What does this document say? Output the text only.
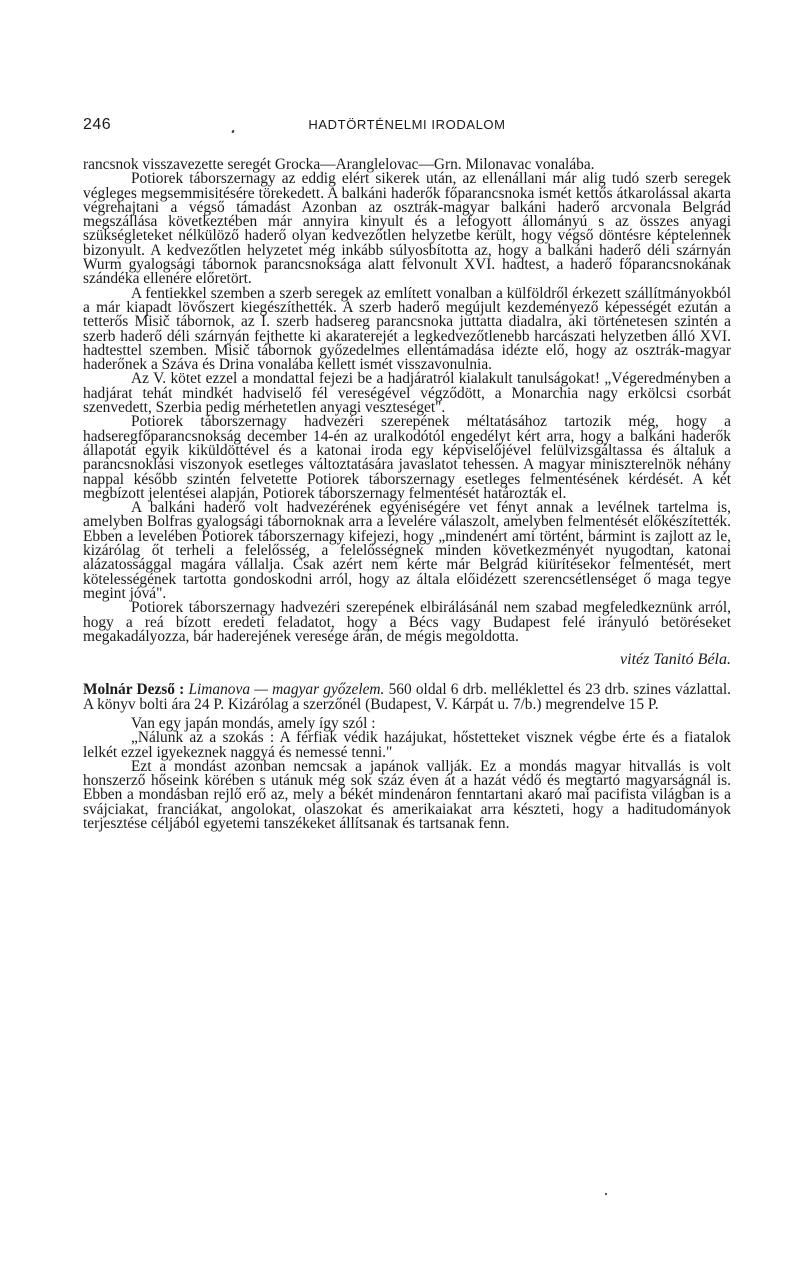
246	HADTÖRTÉNELMI IRODALOM

rancsnok visszavezette seregét Grocka—Aranglelovac—Grn. Milonavac vonalába.

Potiorek táborszernagy az eddig elért sikerek után, az ellenállani már alig tudó szerb seregek végleges megsemmisitésére törekedett. A balkáni haderők főparancsnoka ismét kettős átkarolással akarta végrehajtani a végső támadást Azonban az osztrák-magyar balkáni haderő arcvonala Belgrád megszállása következtében már annyira kinyult és a lefogyott állományú s az összes anyagi szükségleteket nélkülöző haderő olyan kedvezőtlen helyzetbe került, hogy végső döntésre képtelennek bizonyult. A kedvezőtlen helyzetet még inkább súlyosbította az, hogy a balkáni haderő déli szárnyán Wurm gyalogsági tábornok parancsnoksága alatt felvonult XVI. hadtest, a haderő főparancsnokának szándéka ellenére előretört.

A fentiekkel szemben a szerb seregek az említett vonalban a külföldről érkezett szállítmányokból a már kiapadt lövőszert kiegészíthették. A szerb haderő megújult kezdeményező képességét ezután a tetterős Misič tábornok, az I. szerb hadsereg parancsnoka juttatta diadalra, aki történetesen szintén a szerb haderő déli szárnyán fejthette ki akaraterejét a legkedvezőtlenebb harcászati helyzetben álló XVI. hadtesttel szemben. Misič tábornok győzedelmes ellentámadása idézte elő, hogy az osztrák-magyar haderőnek a Száva és Drina vonalába kellett ismét visszavonulnia.

Az V. kötet ezzel a mondattal fejezi be a hadjáratról kialakult tanulságokat! „Végeredményben a hadjárat tehát mindkét hadviselő fél vereségével végződött, a Monarchia nagy erkölcsi csorbát szenvedett, Szerbia pedig mérhetetlen anyagi veszteséget".

Potiorek táborszernagy hadvezéri szerepének méltatásához tartozik még, hogy a hadseregfőparancsnokság december 14-én az uralkodótól engedélyt kért arra, hogy a balkáni haderők állapotát egyik kiküldöttével és a katonai iroda egy képviselőjével felülvizsgáltassa és általuk a parancsnoklási viszonyok esetleges változtatására javaslatot tehessen. A magyar miniszterelnök néhány nappal később szintén felvetette Potiorek táborszernagy esetleges felmentésének kérdését. A két megbízott jelentései alapján, Potiorek táborszernagy felmentését határozták el.

A balkáni haderő volt hadvezérének egyéniségére vet fényt annak a levélnek tartelma is, amelyben Bolfras gyalogsági tábornoknak arra a levelére válaszolt, amelyben felmentését előkészítették. Ebben a levelében Potiorek táborszernagy kifejezi, hogy „mindenért ami történt, bármint is zajlott az le, kizárólag őt terheli a felelősség, a felelősségnek minden következményét nyugodtan, katonai alázatossággal magára vállalja. Csak azért nem kérte már Belgrád kiürítésekor felmentését, mert kötelességének tartotta gondoskodni arról, hogy az általa előidézett szerencsétlenséget ő maga tegye megint jóvá".

Potiorek táborszernagy hadvezéri szerepének elbirálásánál nem szabad megfeledkeznünk arról, hogy a reá bízott eredeti feladatot, hogy a Bécs vagy Budapest felé irányuló betöréseket megakadályozza, bár haderejének veresége árán, de mégis megoldotta.

vitéz Tanitó Béla.

Molnár Dezső : Limanova — magyar győzelem. 560 oldal 6 drb. melléklettel és 23 drb. szines vázlattal. A könyv bolti ára 24 P. Kizárólag a szerzőnél (Budapest, V. Kárpát u. 7/b.) megrendelve 15 P.

Van egy japán mondás, amely így szól :

„Nálunk az a szokás : A férfiak védik hazájukat, hőstetteket visznek végbe érte és a fiatalok lelkét ezzel igyekeznek naggyá és nemessé tenni."

Ezt a mondást azonban nemcsak a japánok vallják. Ez a mondás magyar hitvallás is volt honszerző hőseink körében s utánuk még sok száz éven át a hazát védő és megtartó magyarságnál is. Ebben a mondásban rejlő erő az, mely a békét mindenáron fenntartani akaró mai pacifista világban is a svájciakat, franciákat, angolokat, olaszokat és amerikaiakat arra készteti, hogy a haditudományok terjesztése céljából egyetemi tanszékeket állítsanak és tartsanak fenn.
